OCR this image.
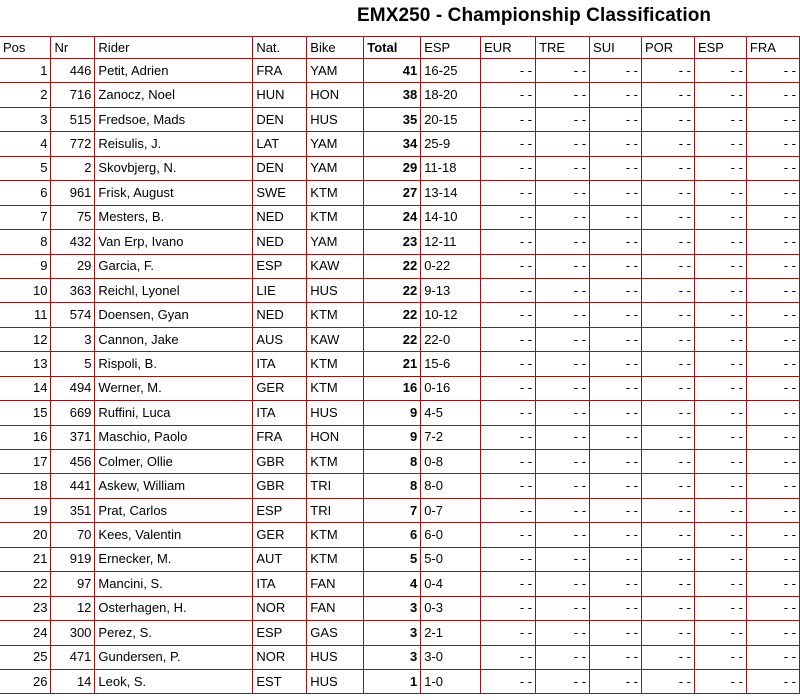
EMX250 - Championship Classification
Pos	Nr	Rider	Nat.	Bike	Total	ESP	EUR	TRE	SUI	POR	ESP	FRA
1	446	Petit, Adrien	FRA	YAM	41	16-25	- -	- -	- -	- -	- -	- -
2	716	Zanocz, Noel	HUN	HON	38	18-20	- -	- -	- -	- -	- -	- -
3	515	Fredsoe, Mads	DEN	HUS	35	20-15	- -	- -	- -	- -	- -	- -
4	772	Reisulis, J.	LAT	YAM	34	25-9	- -	- -	- -	- -	- -	- -
5	2	Skovbjerg, N.	DEN	YAM	29	11-18	- -	- -	- -	- -	- -	- -
6	961	Frisk, August	SWE	KTM	27	13-14	- -	- -	- -	- -	- -	- -
7	75	Mesters, B.	NED	KTM	24	14-10	- -	- -	- -	- -	- -	- -
8	432	Van Erp, Ivano	NED	YAM	23	12-11	- -	- -	- -	- -	- -	- -
9	29	Garcia, F.	ESP	KAW	22	0-22	- -	- -	- -	- -	- -	- -
10	363	Reichl, Lyonel	LIE	HUS	22	9-13	- -	- -	- -	- -	- -	- -
11	574	Doensen, Gyan	NED	KTM	22	10-12	- -	- -	- -	- -	- -	- -
12	3	Cannon, Jake	AUS	KAW	22	22-0	- -	- -	- -	- -	- -	- -
13	5	Rispoli, B.	ITA	KTM	21	15-6	- -	- -	- -	- -	- -	- -
14	494	Werner, M.	GER	KTM	16	0-16	- -	- -	- -	- -	- -	- -
15	669	Ruffini, Luca	ITA	HUS	9	4-5	- -	- -	- -	- -	- -	- -
16	371	Maschio, Paolo	FRA	HON	9	7-2	- -	- -	- -	- -	- -	- -
17	456	Colmer, Ollie	GBR	KTM	8	0-8	- -	- -	- -	- -	- -	- -
18	441	Askew, William	GBR	TRI	8	8-0	- -	- -	- -	- -	- -	- -
19	351	Prat, Carlos	ESP	TRI	7	0-7	- -	- -	- -	- -	- -	- -
20	70	Kees, Valentin	GER	KTM	6	6-0	- -	- -	- -	- -	- -	- -
21	919	Ernecker, M.	AUT	KTM	5	5-0	- -	- -	- -	- -	- -	- -
22	97	Mancini, S.	ITA	FAN	4	0-4	- -	- -	- -	- -	- -	- -
23	12	Osterhagen, H.	NOR	FAN	3	0-3	- -	- -	- -	- -	- -	- -
24	300	Perez, S.	ESP	GAS	3	2-1	- -	- -	- -	- -	- -	- -
25	471	Gundersen, P.	NOR	HUS	3	3-0	- -	- -	- -	- -	- -	- -
26	14	Leok, S.	EST	HUS	1	1-0	- -	- -	- -	- -	- -	- -
